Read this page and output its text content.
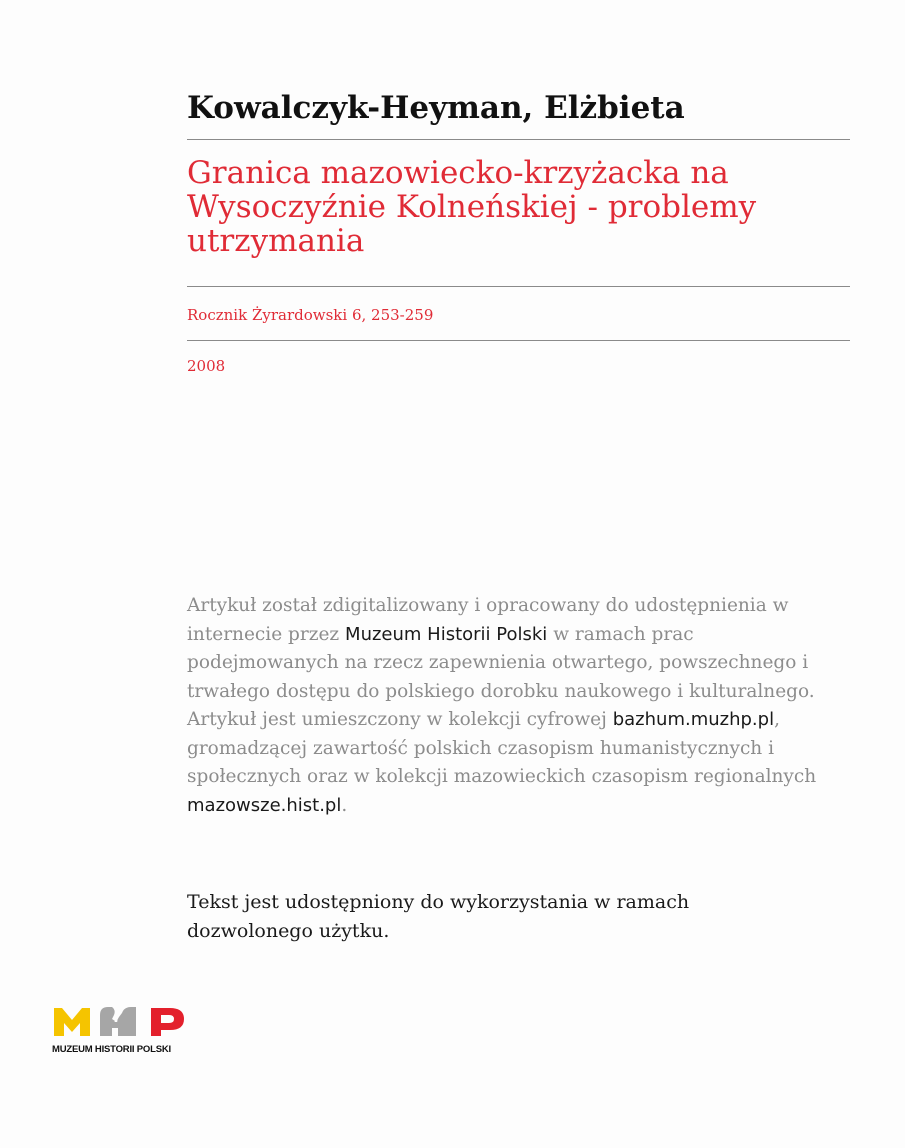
Kowalczyk-Heyman, Elżbieta
Granica mazowiecko-krzyżacka na Wysoczyźnie Kolneńskiej - problemy utrzymania
Rocznik Żyrardowski 6, 253-259
2008

Artykuł został zdigitalizowany i opracowany do udostępnienia w internecie przez Muzeum Historii Polski w ramach prac podejmowanych na rzecz zapewnienia otwartego, powszechnego i trwałego dostępu do polskiego dorobku naukowego i kulturalnego. Artykuł jest umieszczony w kolekcji cyfrowej bazhum.muzhp.pl, gromadzącej zawartość polskich czasopism humanistycznych i społecznych oraz w kolekcji mazowieckich czasopism regionalnych mazowsze.hist.pl.

Tekst jest udostępniony do wykorzystania w ramach dozwolonego użytku.

MUZEUM HISTORII POLSKI
